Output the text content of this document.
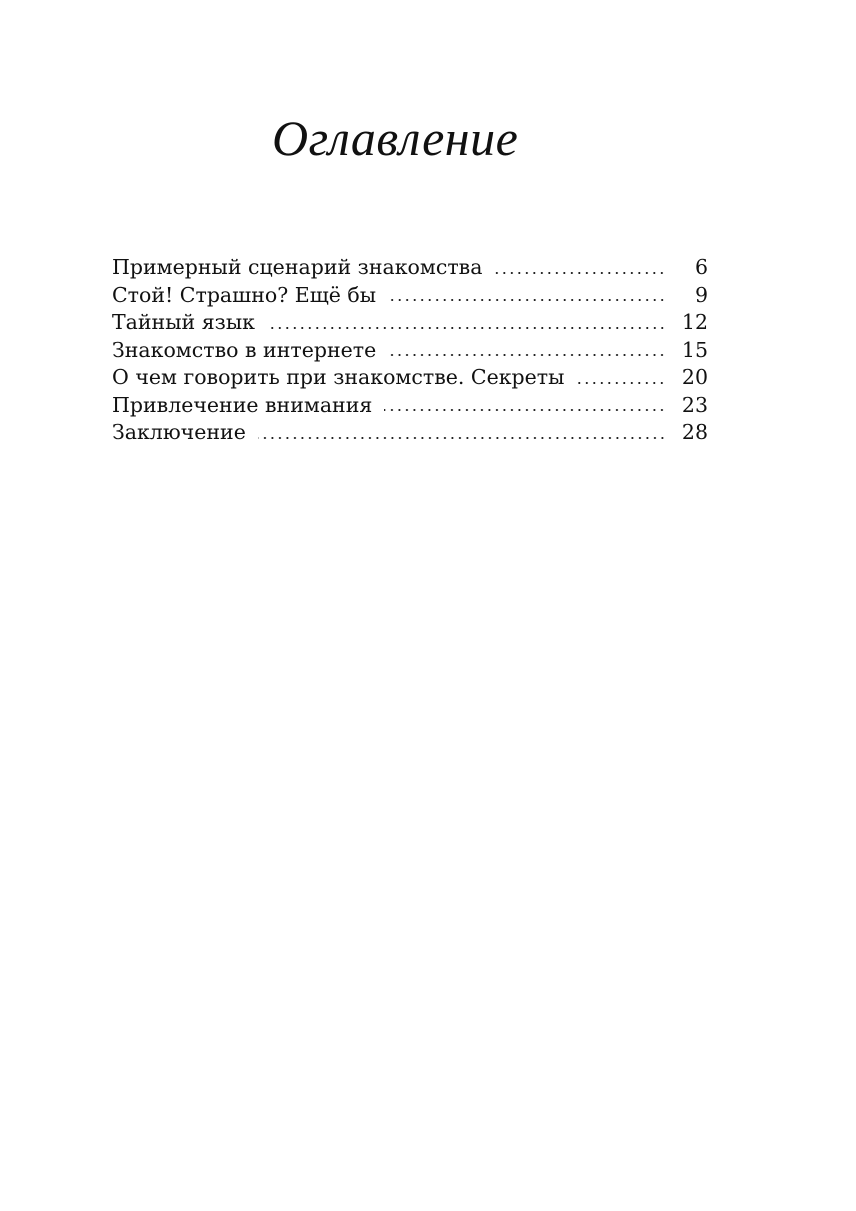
Оглавление
Примерный сценарий знакомства	6
Стой! Страшно? Ещё бы	9
Тайный язык	12
Знакомство в интернете	15
О чем говорить при знакомстве. Секреты	20
Привлечение внимания	23
Заключение	28
